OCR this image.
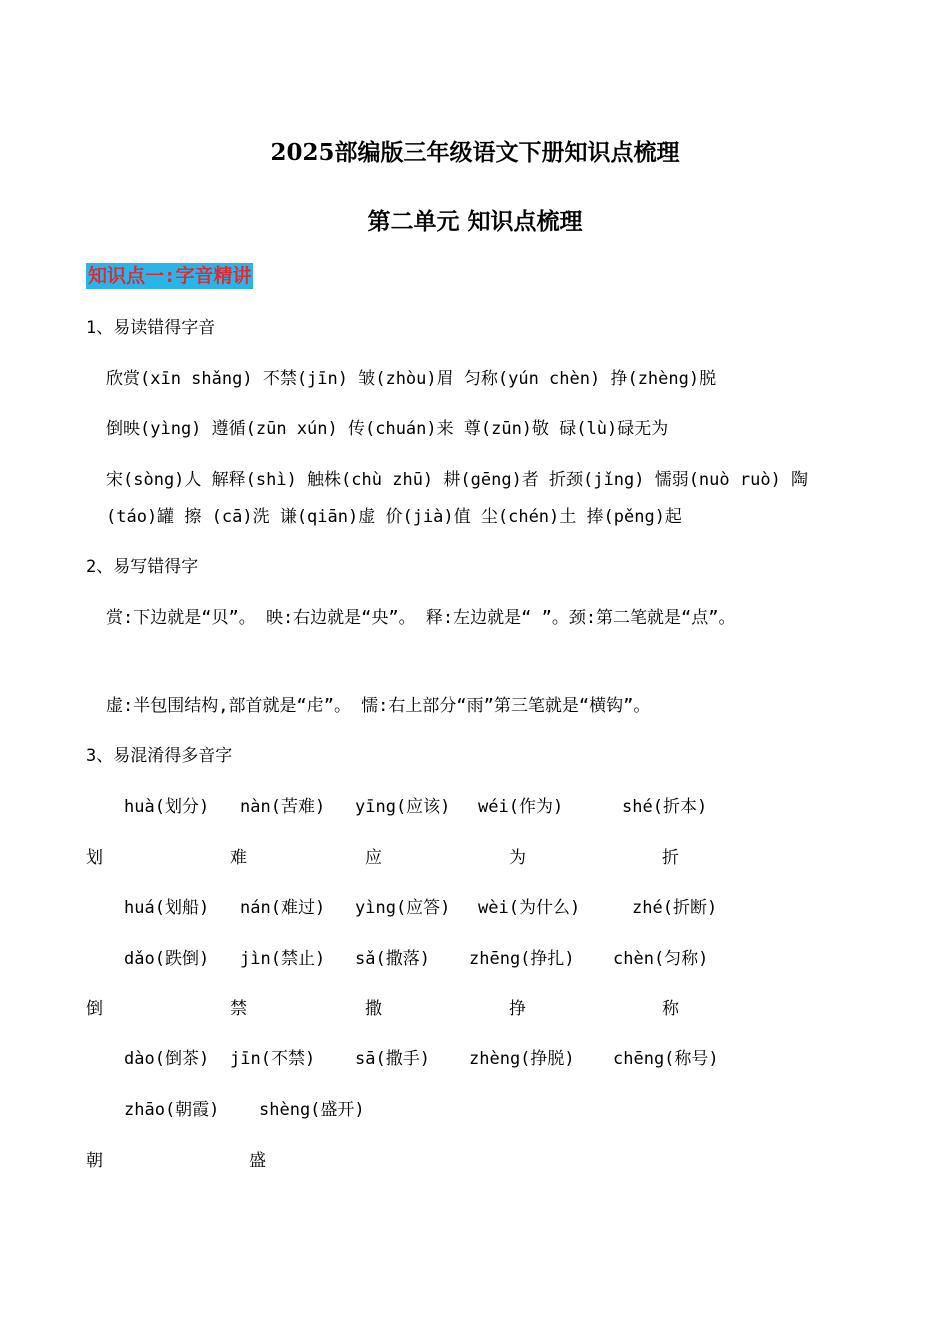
2025部编版三年级语文下册知识点梳理
第二单元 知识点梳理
知识点一:字音精讲
1、易读错得字音
欣赏(xīn shǎng) 不禁(jīn) 皱(zhòu)眉 匀称(yún chèn) 挣(zhèng)脱
倒映(yìng) 遵循(zūn xún) 传(chuán)来 尊(zūn)敬 碌(lù)碌无为
宋(sòng)人 解释(shì) 触株(chù zhū) 耕(gēng)者 折颈(jǐng) 懦弱(nuò ruò) 陶
(táo)罐 擦 (cā)洗 谦(qiān)虚 价(jià)值 尘(chén)土 捧(pěng)起
2、易写错得字
赏:下边就是“贝”。 映:右边就是“央”。 释:左边就是“ ”。颈:第二笔就是“点”。
虚:半包围结构,部首就是“虍”。 懦:右上部分“雨”第三笔就是“横钩”。
3、易混淆得多音字
huà(划分) nàn(苦难) yīng(应该) wéi(作为)	shé(折本)
划	难	应	为	折
huá(划船) nán(难过) yìng(应答) wèi(为什么)	zhé(折断)
dǎo(跌倒) jìn(禁止) sǎ(撒落) zhēng(挣扎) chèn(匀称)
倒	禁	撒	挣	称
dào(倒茶) jīn(不禁) sā(撒手) zhèng(挣脱) chēng(称号)
zhāo(朝霞) shèng(盛开)
朝	盛
